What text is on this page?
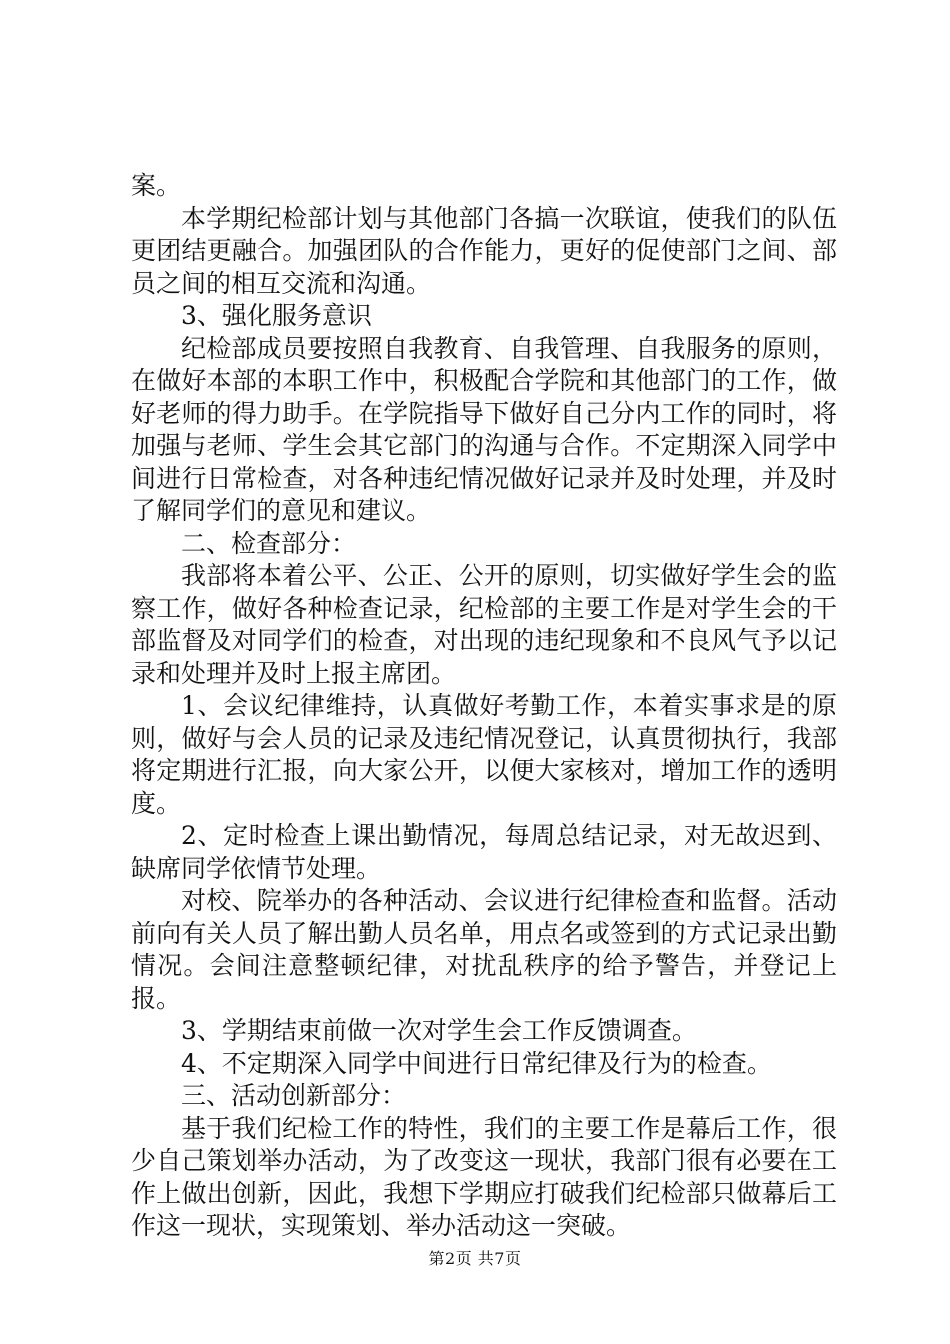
案。

本学期纪检部计划与其他部门各搞一次联谊，使我们的队伍更团结更融合。加强团队的合作能力，更好的促使部门之间、部员之间的相互交流和沟通。

3、强化服务意识

纪检部成员要按照自我教育、自我管理、自我服务的原则，在做好本部的本职工作中，积极配合学院和其他部门的工作，做好老师的得力助手。在学院指导下做好自己分内工作的同时，将加强与老师、学生会其它部门的沟通与合作。不定期深入同学中间进行日常检查，对各种违纪情况做好记录并及时处理，并及时了解同学们的意见和建议。

二、检查部分：

我部将本着公平、公正、公开的原则，切实做好学生会的监察工作，做好各种检查记录，纪检部的主要工作是对学生会的干部监督及对同学们的检查，对出现的违纪现象和不良风气予以记录和处理并及时上报主席团。

1、会议纪律维持，认真做好考勤工作，本着实事求是的原则，做好与会人员的记录及违纪情况登记，认真贯彻执行，我部将定期进行汇报，向大家公开，以便大家核对，增加工作的透明度。

2、定时检查上课出勤情况，每周总结记录，对无故迟到、缺席同学依情节处理。

对校、院举办的各种活动、会议进行纪律检查和监督。活动前向有关人员了解出勤人员名单，用点名或签到的方式记录出勤情况。会间注意整顿纪律，对扰乱秩序的给予警告，并登记上报。

3、学期结束前做一次对学生会工作反馈调查。

4、不定期深入同学中间进行日常纪律及行为的检查。

三、活动创新部分：

基于我们纪检工作的特性，我们的主要工作是幕后工作，很少自己策划举办活动，为了改变这一现状，我部门很有必要在工作上做出创新，因此，我想下学期应打破我们纪检部只做幕后工作这一现状，实现策划、举办活动这一突破。

第2页 共7页
